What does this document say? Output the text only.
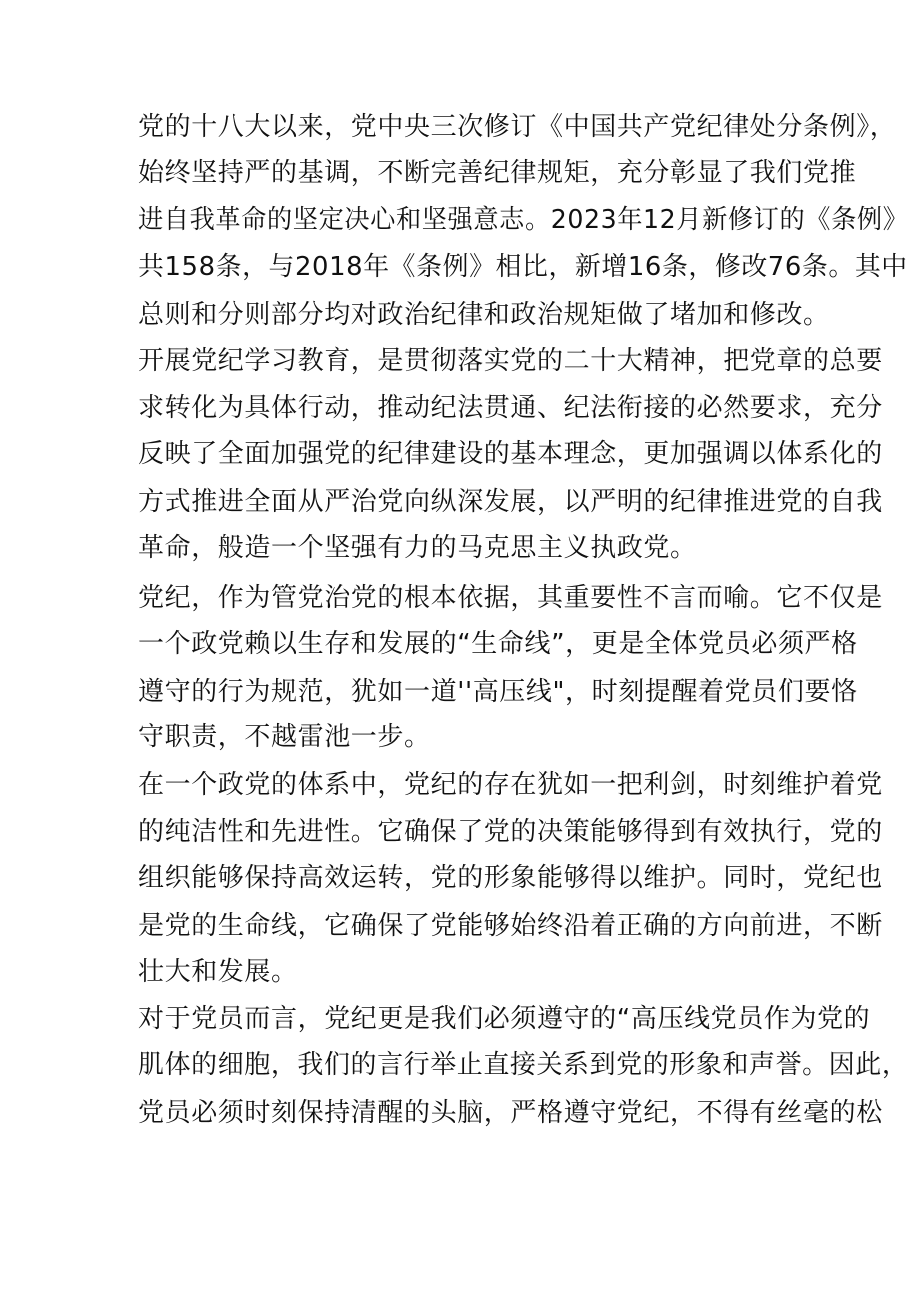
党的十八大以来，党中央三次修订《中国共产党纪律处分条例》，
始终坚持严的基调，不断完善纪律规矩，充分彰显了我们党推
进自我革命的坚定决心和坚强意志。2023年12月新修订的《条例》
共158条，与2018年《条例》相比，新增16条，修改76条。其中
总则和分则部分均对政治纪律和政治规矩做了堵加和修改。
开展党纪学习教育，是贯彻落实党的二十大精神，把党章的总要
求转化为具体行动，推动纪法贯通、纪法衔接的必然要求，充分
反映了全面加强党的纪律建设的基本理念，更加强调以体系化的
方式推进全面从严治党向纵深发展，以严明的纪律推进党的自我
革命，般造一个坚强有力的马克思主义执政党。
党纪，作为管党治党的根本依据，其重要性不言而喻。它不仅是
一个政党赖以生存和发展的“生命线”，更是全体党员必须严格
遵守的行为规范，犹如一道''高压线"，时刻提醒着党员们要恪
守职责，不越雷池一步。
在一个政党的体系中，党纪的存在犹如一把利剑，时刻维护着党
的纯洁性和先进性。它确保了党的决策能够得到有效执行，党的
组织能够保持高效运转，党的形象能够得以维护。同时，党纪也
是党的生命线，它确保了党能够始终沿着正确的方向前进，不断
壮大和发展。
对于党员而言，党纪更是我们必须遵守的“高压线党员作为党的
肌体的细胞，我们的言行举止直接关系到党的形象和声誉。因此，
党员必须时刻保持清醒的头脑，严格遵守党纪，不得有丝毫的松
